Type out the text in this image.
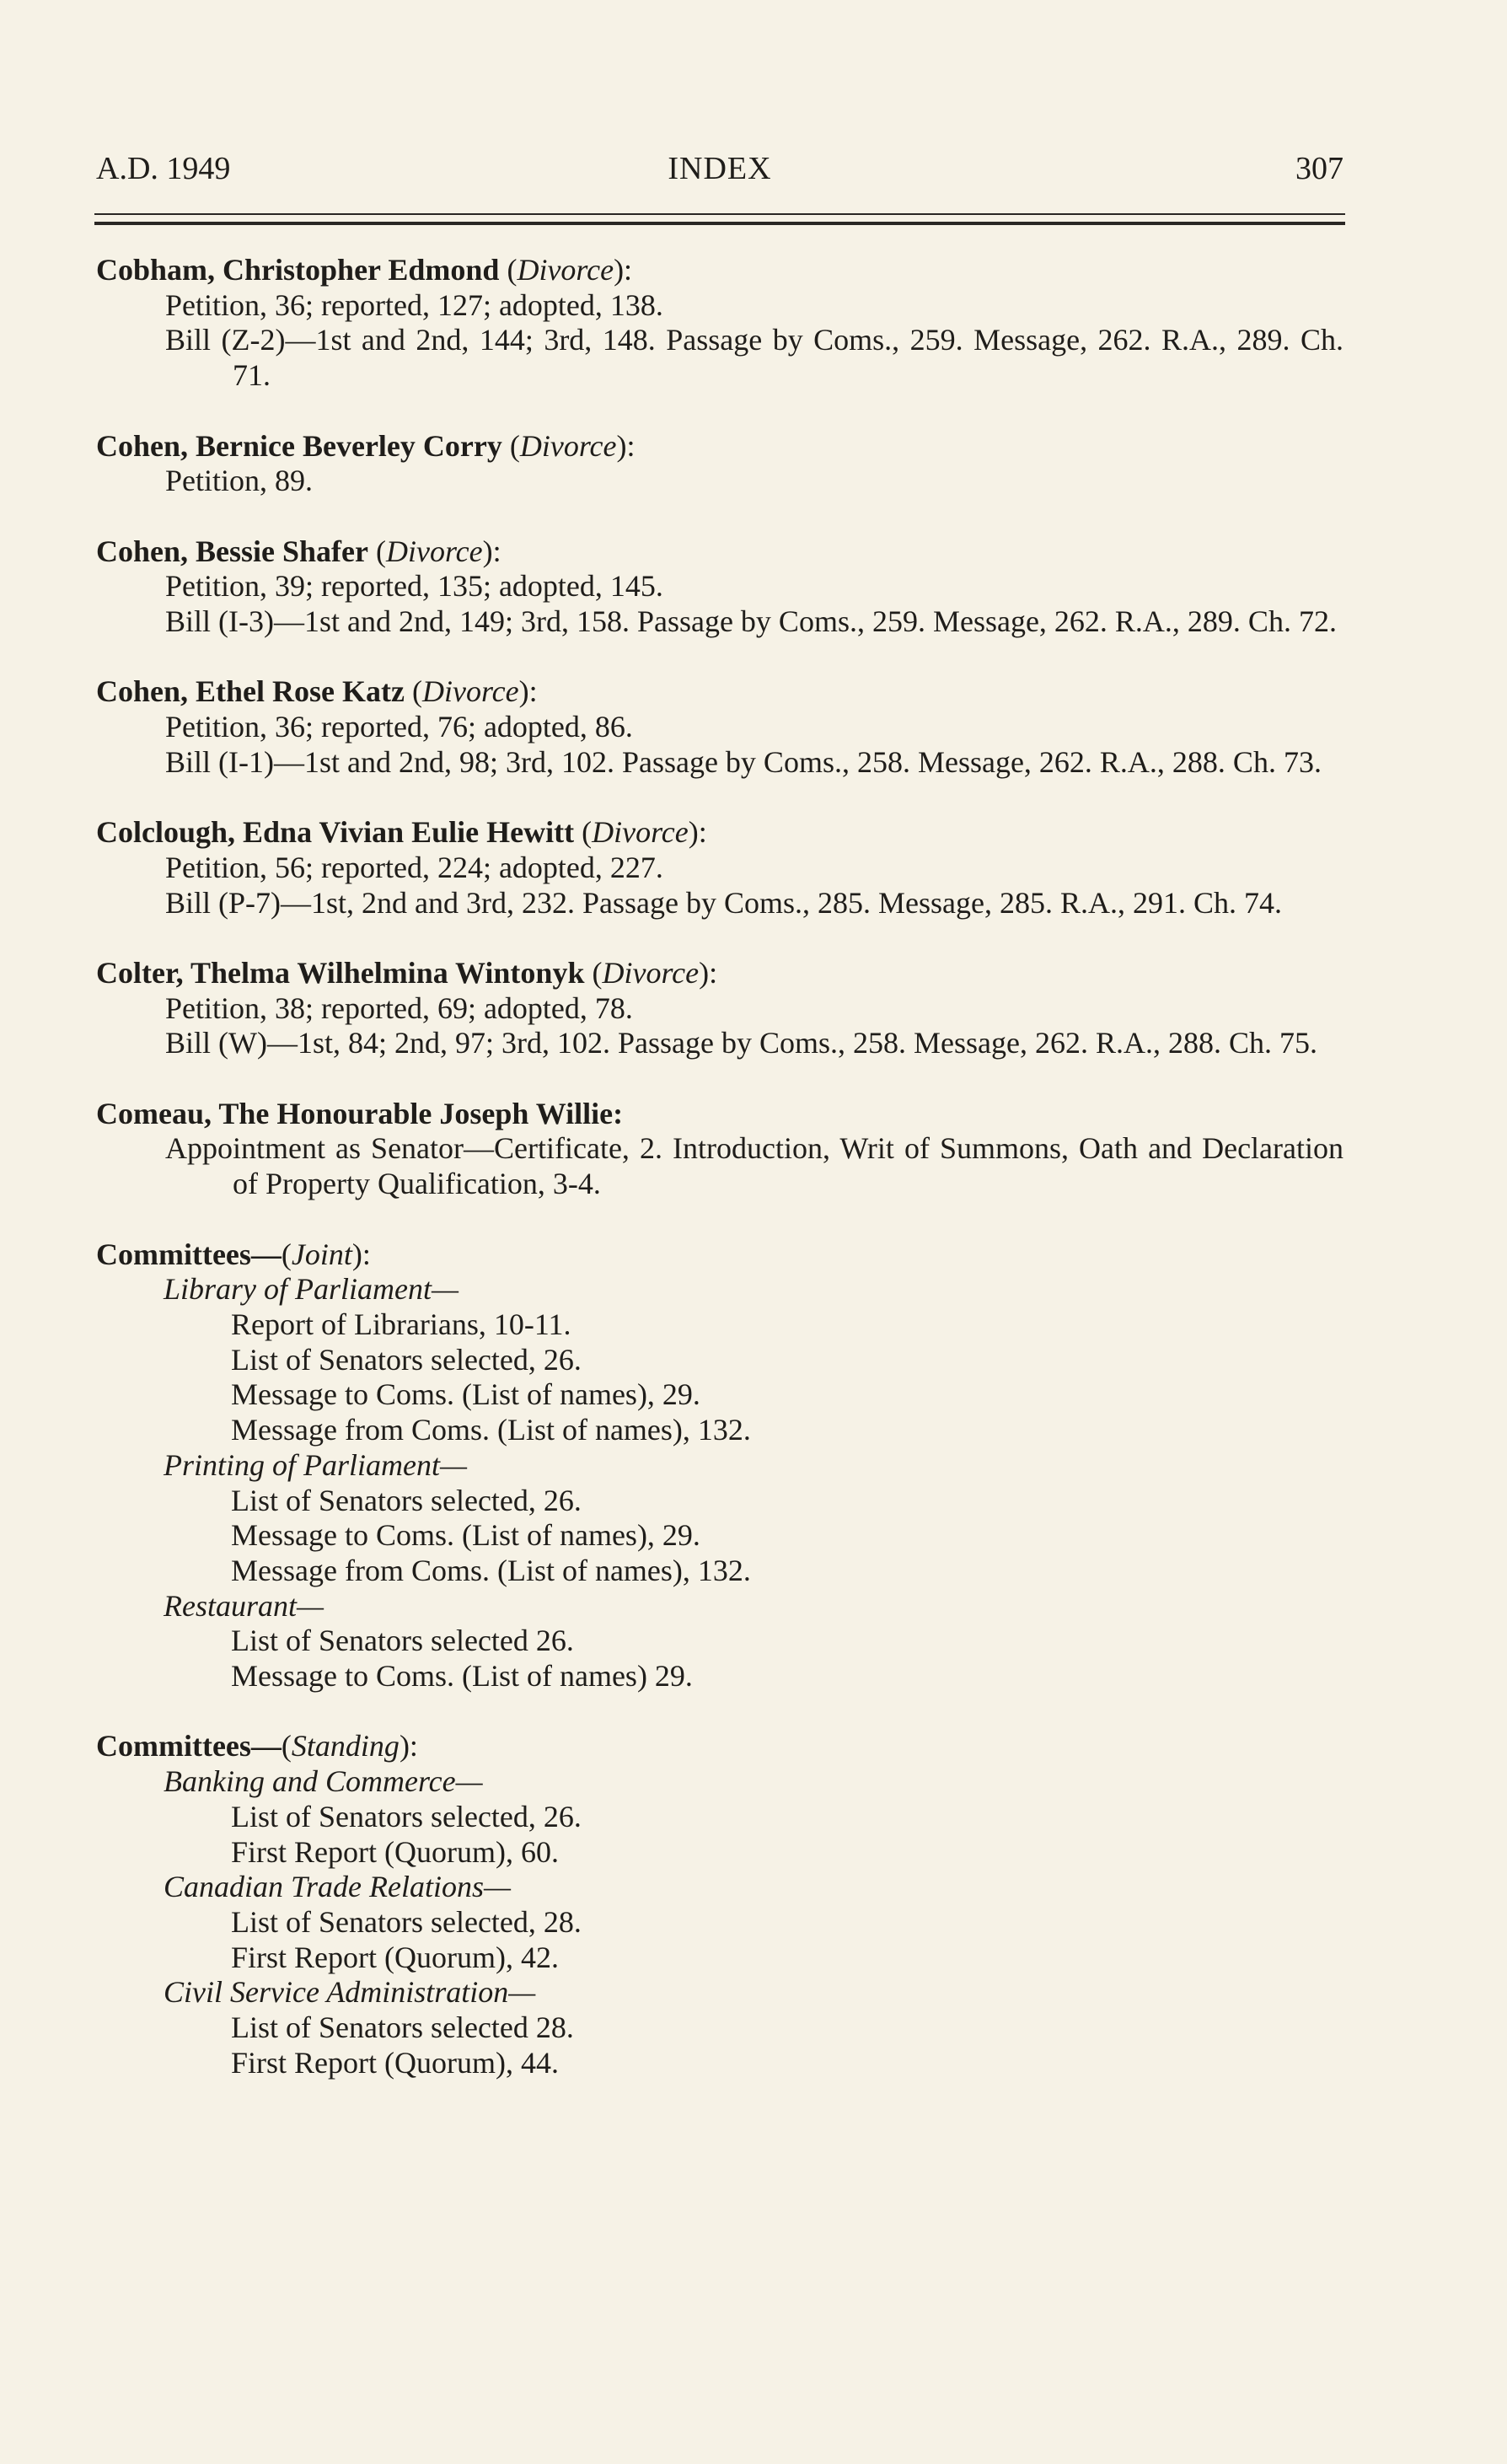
A.D. 1949	INDEX	307
Cobham, Christopher Edmond (Divorce):
Petition, 36; reported, 127; adopted, 138.
Bill (Z-2)—1st and 2nd, 144; 3rd, 148. Passage by Coms., 259. Message, 262. R.A., 289. Ch. 71.
Cohen, Bernice Beverley Corry (Divorce):
Petition, 89.
Cohen, Bessie Shafer (Divorce):
Petition, 39; reported, 135; adopted, 145.
Bill (I-3)—1st and 2nd, 149; 3rd, 158. Passage by Coms., 259. Message, 262. R.A., 289. Ch. 72.
Cohen, Ethel Rose Katz (Divorce):
Petition, 36; reported, 76; adopted, 86.
Bill (I-1)—1st and 2nd, 98; 3rd, 102. Passage by Coms., 258. Message, 262. R.A., 288. Ch. 73.
Colclough, Edna Vivian Eulie Hewitt (Divorce):
Petition, 56; reported, 224; adopted, 227.
Bill (P-7)—1st, 2nd and 3rd, 232. Passage by Coms., 285. Message, 285. R.A., 291. Ch. 74.
Colter, Thelma Wilhelmina Wintonyk (Divorce):
Petition, 38; reported, 69; adopted, 78.
Bill (W)—1st, 84; 2nd, 97; 3rd, 102. Passage by Coms., 258. Message, 262. R.A., 288. Ch. 75.
Comeau, The Honourable Joseph Willie:
Appointment as Senator—Certificate, 2. Introduction, Writ of Summons, Oath and Declaration of Property Qualification, 3-4.
Committees—(Joint):
Library of Parliament—
Report of Librarians, 10-11.
List of Senators selected, 26.
Message to Coms. (List of names), 29.
Message from Coms. (List of names), 132.
Printing of Parliament—
List of Senators selected, 26.
Message to Coms. (List of names), 29.
Message from Coms. (List of names), 132.
Restaurant—
List of Senators selected 26.
Message to Coms. (List of names) 29.
Committees—(Standing):
Banking and Commerce—
List of Senators selected, 26.
First Report (Quorum), 60.
Canadian Trade Relations—
List of Senators selected, 28.
First Report (Quorum), 42.
Civil Service Administration—
List of Senators selected 28.
First Report (Quorum), 44.
